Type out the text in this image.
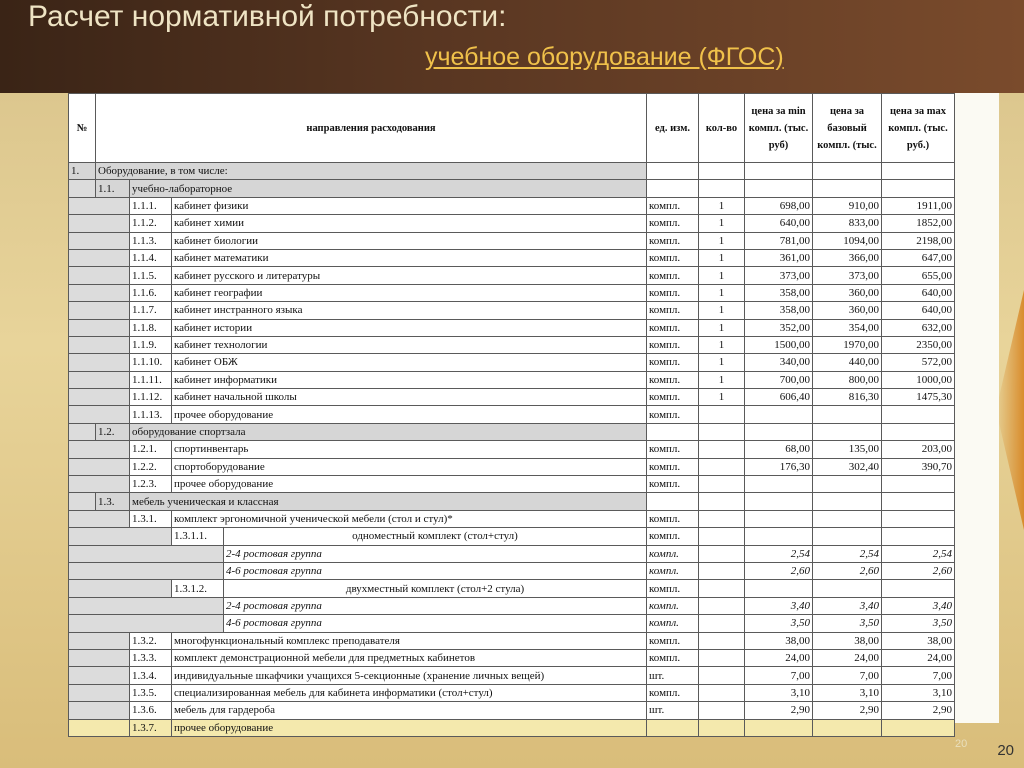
Расчет нормативной потребности:
учебное оборудование (ФГОС)
№	направления расходования				ед. изм.	кол-во	цена за min компл. (тыс. руб)	цена за базовый компл. (тыс.	цена за max компл. (тыс. руб.)
1.	Оборудование, в том числе:								
	1.1.	учебно-лабораторное							
		1.1.1.	кабинет физики		компл.	1	698,00	910,00	1911,00
		1.1.2.	кабинет химии		компл.	1	640,00	833,00	1852,00
		1.1.3.	кабинет биологии		компл.	1	781,00	1094,00	2198,00
		1.1.4.	кабинет математики		компл.	1	361,00	366,00	647,00
		1.1.5.	кабинет русского и литературы		компл.	1	373,00	373,00	655,00
		1.1.6.	кабинет географии		компл.	1	358,00	360,00	640,00
		1.1.7.	кабинет инстранного языка		компл.	1	358,00	360,00	640,00
		1.1.8.	кабинет истории		компл.	1	352,00	354,00	632,00
		1.1.9.	кабинет технологии		компл.	1	1500,00	1970,00	2350,00
		1.1.10.	кабинет ОБЖ		компл.	1	340,00	440,00	572,00
		1.1.11.	кабинет информатики		компл.	1	700,00	800,00	1000,00
		1.1.12.	кабинет начальной школы		компл.	1	606,40	816,30	1475,30
		1.1.13.	прочее оборудование		компл.				
	1.2.	оборудование спортзала							
		1.2.1.	спортинвентарь		компл.		68,00	135,00	203,00
		1.2.2.	спортоборудование		компл.		176,30	302,40	390,70
		1.2.3.	прочее оборудование		компл.				
	1.3.	мебель ученическая и классная							
		1.3.1.	комплект эргономичной ученической мебели (стол и стул)*		компл.				
			1.3.1.1.	одноместный комплект (стол+стул)	компл.				
				2-4 ростовая группа	компл.		2,54	2,54	2,54
				4-6 ростовая группа	компл.		2,60	2,60	2,60
			1.3.1.2.	двухместный комплект (стол+2 стула)	компл.				
				2-4 ростовая группа	компл.		3,40	3,40	3,40
				4-6 ростовая группа	компл.		3,50	3,50	3,50
		1.3.2.	многофункциональный комплекс преподавателя		компл.		38,00	38,00	38,00
		1.3.3.	комплект демонстрационной мебели для предметных кабинетов		компл.		24,00	24,00	24,00
		1.3.4.	индивидуальные шкафчики учащихся 5-секционные (хранение личных вещей)		шт.		7,00	7,00	7,00
		1.3.5.	специализированная мебель для кабинета информатики (стол+стул)		компл.		3,10	3,10	3,10
		1.3.6.	мебель для гардероба		шт.		2,90	2,90	2,90
		1.3.7.	прочее оборудование						
20 20
